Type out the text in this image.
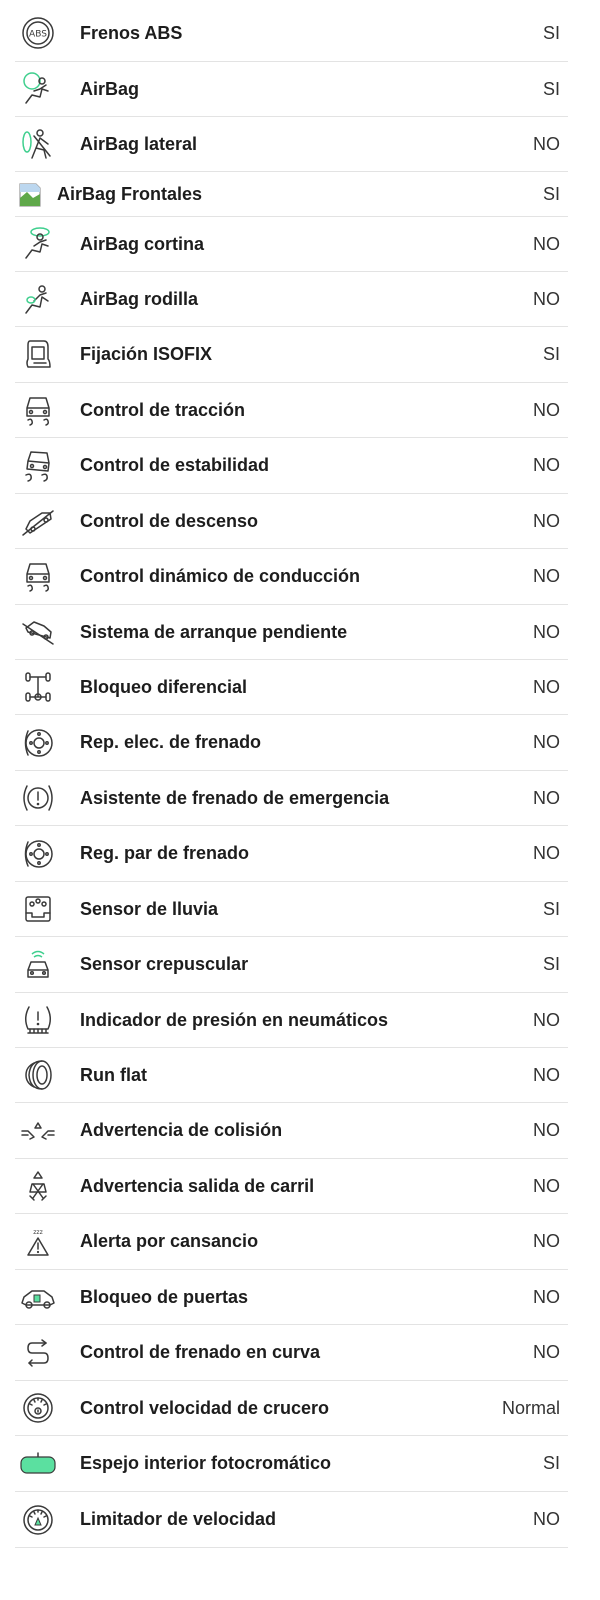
ABS	Frenos ABS	SI
AirBag	SI
AirBag lateral	NO
AirBag Frontales	SI
AirBag cortina	NO
AirBag rodilla	NO
Fijación ISOFIX	SI
Control de tracción	NO
Control de estabilidad	NO
Control de descenso	NO
Control dinámico de conducción	NO
Sistema de arranque pendiente	NO
Bloqueo diferencial	NO
Rep. elec. de frenado	NO
Asistente de frenado de emergencia	NO
Reg. par de frenado	NO
Sensor de lluvia	SI
Sensor crepuscular	SI
Indicador de presión en neumáticos	NO
Run flat	NO
Advertencia de colisión	NO
Advertencia salida de carril	NO
zzz	Alerta por cansancio	NO
Bloqueo de puertas	NO
Control de frenado en curva	NO
Control velocidad de crucero	Normal
Espejo interior fotocromático	SI
Limitador de velocidad	NO
